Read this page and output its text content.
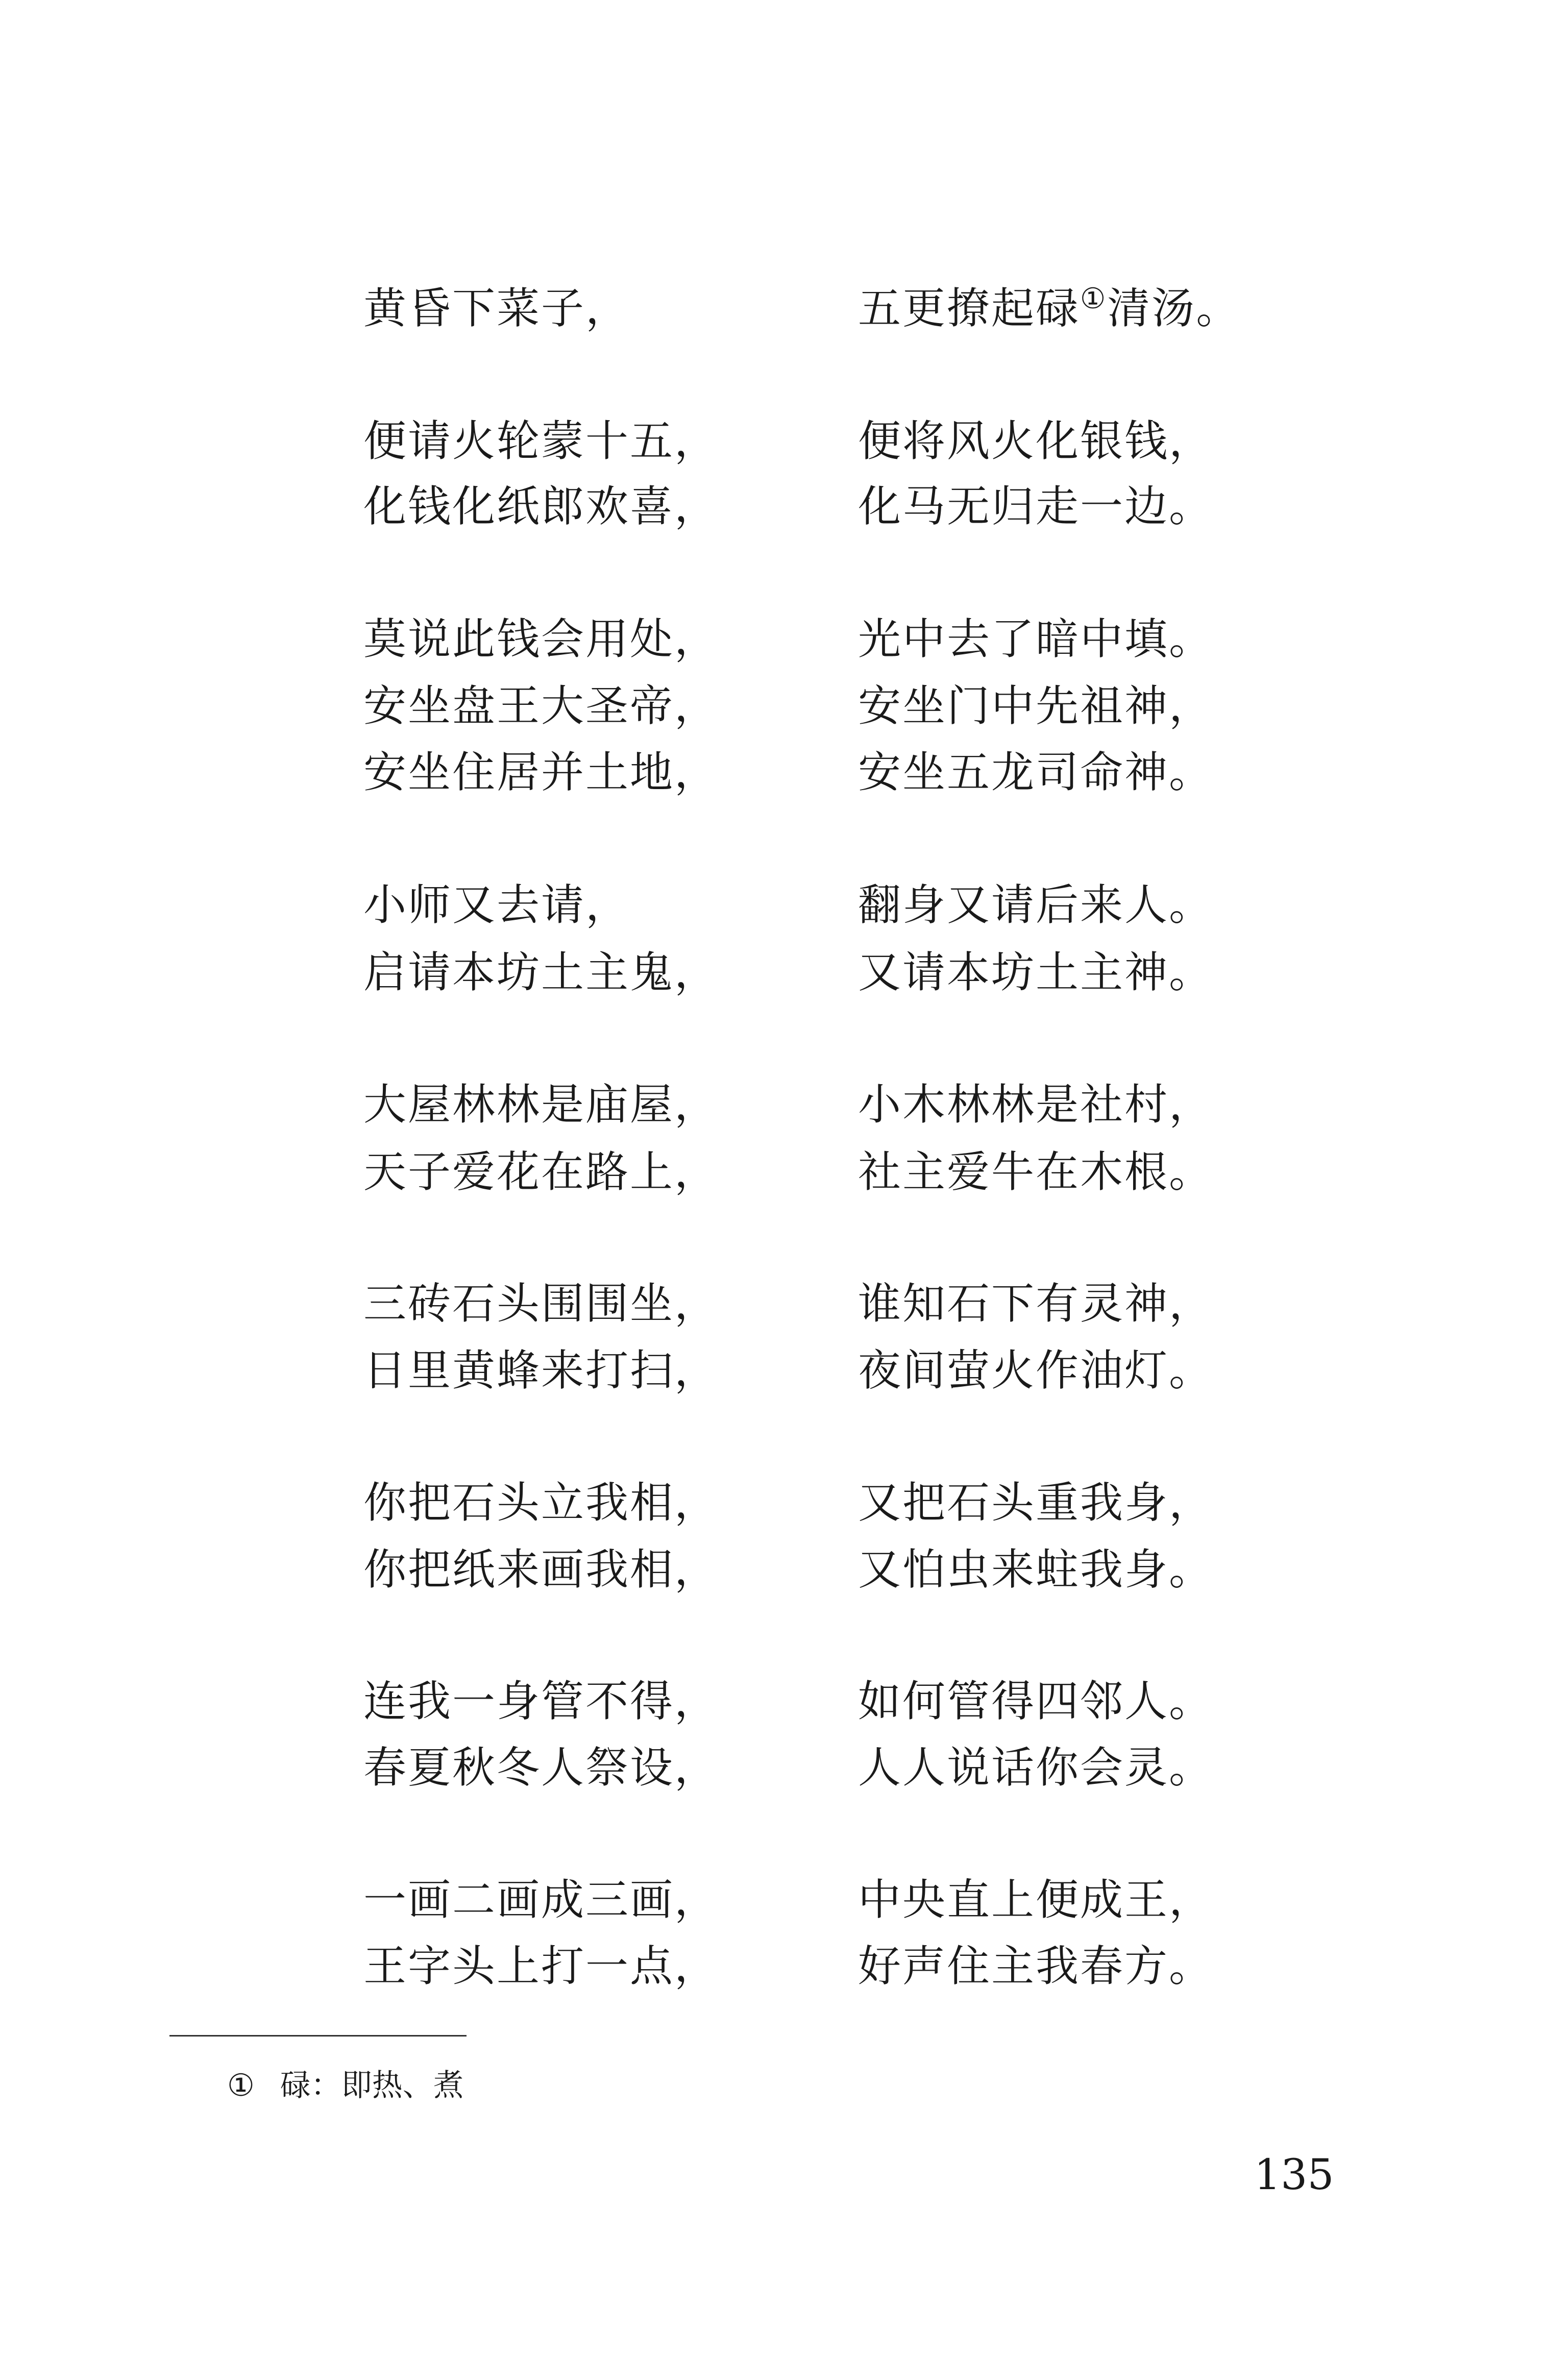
黄昏下菜子，	五更撩起碌①清汤。
便请火轮蒙十五，	便将风火化银钱，
化钱化纸郎欢喜，	化马无归走一边。
莫说此钱会用处，	光中去了暗中填。
安坐盘王大圣帝，	安坐门中先祖神，
安坐住居并土地，	安坐五龙司命神。
小师又去请，	翻身又请后来人。
启请本坊土主鬼，	又请本坊土主神。
大屋林林是庙屋，	小木林林是社村，
天子爱花在路上，	社主爱牛在木根。
三砖石头围围坐，	谁知石下有灵神，
日里黄蜂来打扫，	夜间萤火作油灯。
你把石头立我相，	又把石头重我身，
你把纸来画我相，	又怕虫来蛀我身。
连我一身管不得，	如何管得四邻人。
春夏秋冬人祭设，	人人说话你会灵。
一画二画成三画，	中央直上便成王，
王字头上打一点，	好声住主我春方。
① 碌：即热、煮
135
